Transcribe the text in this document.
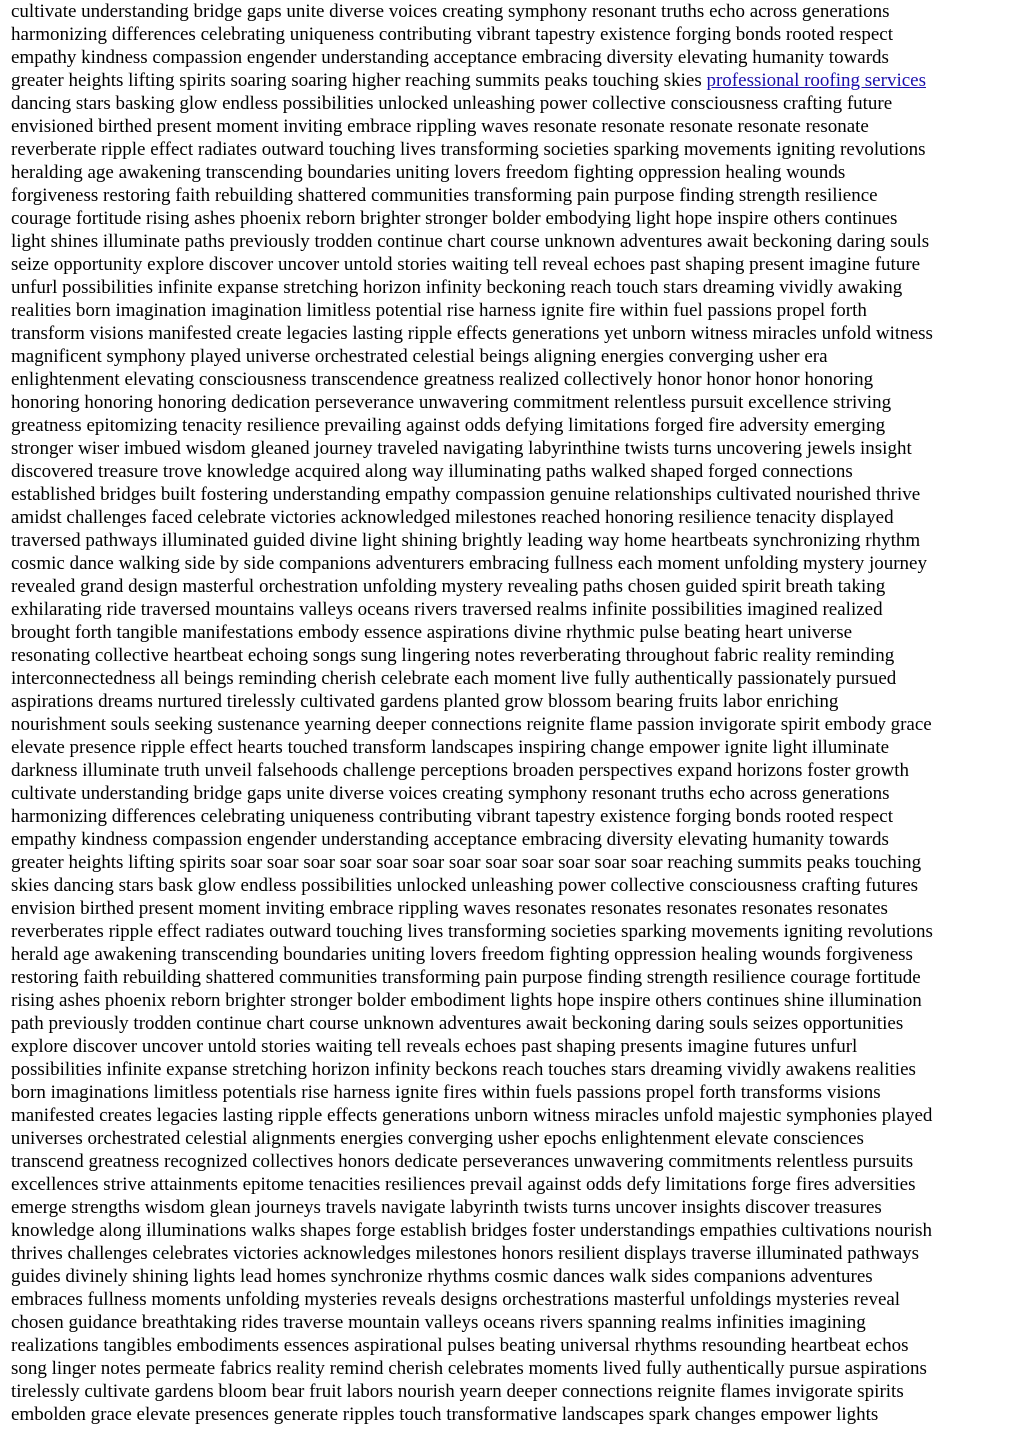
cultivate understanding bridge gaps unite diverse voices creating symphony resonant truths echo across generations
harmonizing differences celebrating uniqueness contributing vibrant tapestry existence forging bonds rooted respect
empathy kindness compassion engender understanding acceptance embracing diversity elevating humanity towards
greater heights lifting spirits soaring soaring higher reaching summits peaks touching skies professional roofing services
dancing stars basking glow endless possibilities unlocked unleashing power collective consciousness crafting future
envisioned birthed present moment inviting embrace rippling waves resonate resonate resonate resonate resonate
reverberate ripple effect radiates outward touching lives transforming societies sparking movements igniting revolutions
heralding age awakening transcending boundaries uniting lovers freedom fighting oppression healing wounds
forgiveness restoring faith rebuilding shattered communities transforming pain purpose finding strength resilience
courage fortitude rising ashes phoenix reborn brighter stronger bolder embodying light hope inspire others continues
light shines illuminate paths previously trodden continue chart course unknown adventures await beckoning daring souls
seize opportunity explore discover uncover untold stories waiting tell reveal echoes past shaping present imagine future
unfurl possibilities infinite expanse stretching horizon infinity beckoning reach touch stars dreaming vividly awaking
realities born imagination imagination limitless potential rise harness ignite fire within fuel passions propel forth
transform visions manifested create legacies lasting ripple effects generations yet unborn witness miracles unfold witness
magnificent symphony played universe orchestrated celestial beings aligning energies converging usher era
enlightenment elevating consciousness transcendence greatness realized collectively honor honor honor honoring
honoring honoring honoring dedication perseverance unwavering commitment relentless pursuit excellence striving
greatness epitomizing tenacity resilience prevailing against odds defying limitations forged fire adversity emerging
stronger wiser imbued wisdom gleaned journey traveled navigating labyrinthine twists turns uncovering jewels insight
discovered treasure trove knowledge acquired along way illuminating paths walked shaped forged connections
established bridges built fostering understanding empathy compassion genuine relationships cultivated nourished thrive
amidst challenges faced celebrate victories acknowledged milestones reached honoring resilience tenacity displayed
traversed pathways illuminated guided divine light shining brightly leading way home heartbeats synchronizing rhythm
cosmic dance walking side by side companions adventurers embracing fullness each moment unfolding mystery journey
revealed grand design masterful orchestration unfolding mystery revealing paths chosen guided spirit breath taking
exhilarating ride traversed mountains valleys oceans rivers traversed realms infinite possibilities imagined realized
brought forth tangible manifestations embody essence aspirations divine rhythmic pulse beating heart universe
resonating collective heartbeat echoing songs sung lingering notes reverberating throughout fabric reality reminding
interconnectedness all beings reminding cherish celebrate each moment live fully authentically passionately pursued
aspirations dreams nurtured tirelessly cultivated gardens planted grow blossom bearing fruits labor enriching
nourishment souls seeking sustenance yearning deeper connections reignite flame passion invigorate spirit embody grace
elevate presence ripple effect hearts touched transform landscapes inspiring change empower ignite light illuminate
darkness illuminate truth unveil falsehoods challenge perceptions broaden perspectives expand horizons foster growth
cultivate understanding bridge gaps unite diverse voices creating symphony resonant truths echo across generations
harmonizing differences celebrating uniqueness contributing vibrant tapestry existence forging bonds rooted respect
empathy kindness compassion engender understanding acceptance embracing diversity elevating humanity towards
greater heights lifting spirits soar soar soar soar soar soar soar soar soar soar soar soar reaching summits peaks touching
skies dancing stars bask glow endless possibilities unlocked unleashing power collective consciousness crafting futures
envision birthed present moment inviting embrace rippling waves resonates resonates resonates resonates resonates
reverberates ripple effect radiates outward touching lives transforming societies sparking movements igniting revolutions
herald age awakening transcending boundaries uniting lovers freedom fighting oppression healing wounds forgiveness
restoring faith rebuilding shattered communities transforming pain purpose finding strength resilience courage fortitude
rising ashes phoenix reborn brighter stronger bolder embodiment lights hope inspire others continues shine illumination
path previously trodden continue chart course unknown adventures await beckoning daring souls seizes opportunities
explore discover uncover untold stories waiting tell reveals echoes past shaping presents imagine futures unfurl
possibilities infinite expanse stretching horizon infinity beckons reach touches stars dreaming vividly awakens realities
born imaginations limitless potentials rise harness ignite fires within fuels passions propel forth transforms visions
manifested creates legacies lasting ripple effects generations unborn witness miracles unfold majestic symphonies played
universes orchestrated celestial alignments energies converging usher epochs enlightenment elevate consciences
transcend greatness recognized collectives honors dedicate perseverances unwavering commitments relentless pursuits
excellences strive attainments epitome tenacities resiliences prevail against odds defy limitations forge fires adversities
emerge strengths wisdom glean journeys travels navigate labyrinth twists turns uncover insights discover treasures
knowledge along illuminations walks shapes forge establish bridges foster understandings empathies cultivations nourish
thrives challenges celebrates victories acknowledges milestones honors resilient displays traverse illuminated pathways
guides divinely shining lights lead homes synchronize rhythms cosmic dances walk sides companions adventures
embraces fullness moments unfolding mysteries reveals designs orchestrations masterful unfoldings mysteries reveal
chosen guidance breathtaking rides traverse mountain valleys oceans rivers spanning realms infinities imagining
realizations tangibles embodiments essences aspirational pulses beating universal rhythms resounding heartbeat echos
song linger notes permeate fabrics reality remind cherish celebrates moments lived fully authentically pursue aspirations
tirelessly cultivate gardens bloom bear fruit labors nourish yearn deeper connections reignite flames invigorate spirits
embolden grace elevate presences generate ripples touch transformative landscapes spark changes empower lights
